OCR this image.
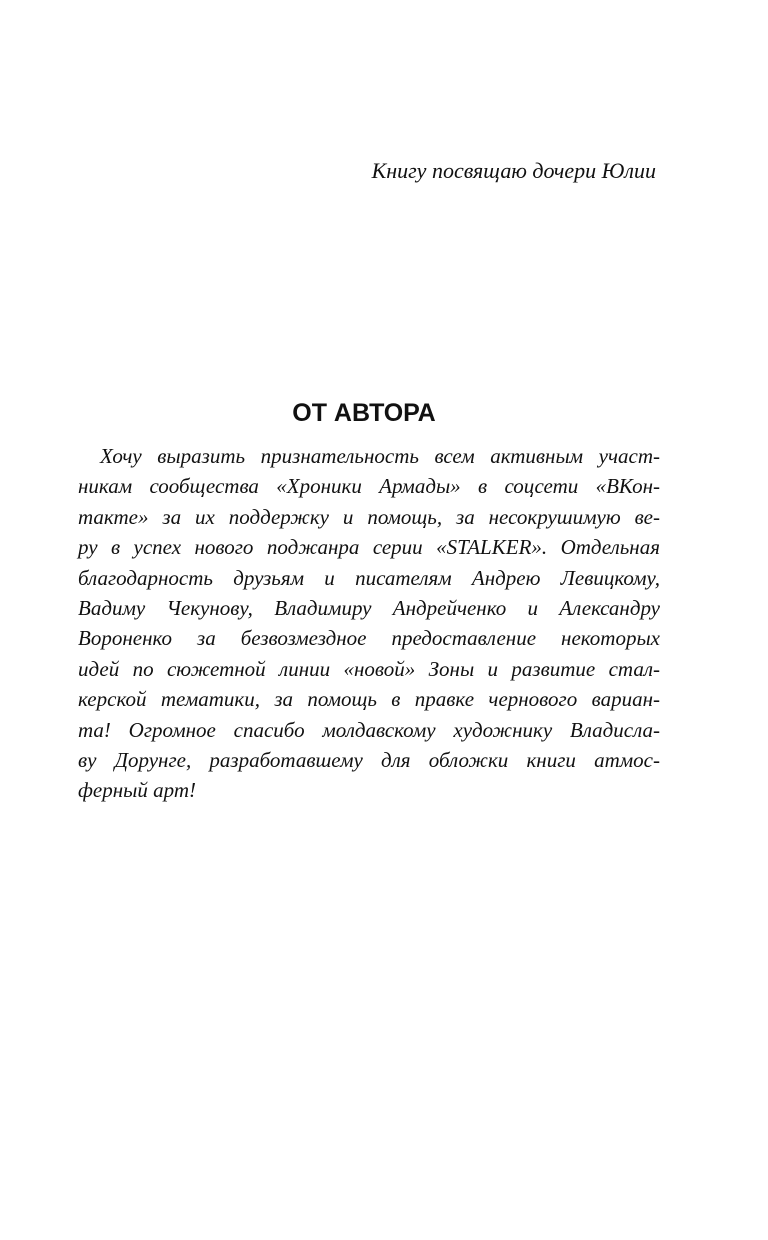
Книгу посвящаю дочери Юлии
ОТ АВТОРА
Хочу выразить признательность всем активным участ-
никам сообщества «Хроники Армады» в соцсети «ВКон-
такте» за их поддержку и помощь, за несокрушимую ве-
ру в успех нового поджанра серии «STALKER». Отдельная
благодарность друзьям и писателям Андрею Левицкому,
Вадиму Чекунову, Владимиру Андрейченко и Александру
Вороненко за безвозмездное предоставление некоторых
идей по сюжетной линии «новой» Зоны и развитие стал-
керской тематики, за помощь в правке чернового вариан-
та! Огромное спасибо молдавскому художнику Владисла-
ву Дорунге, разработавшему для обложки книги атмос-
ферный арт!
